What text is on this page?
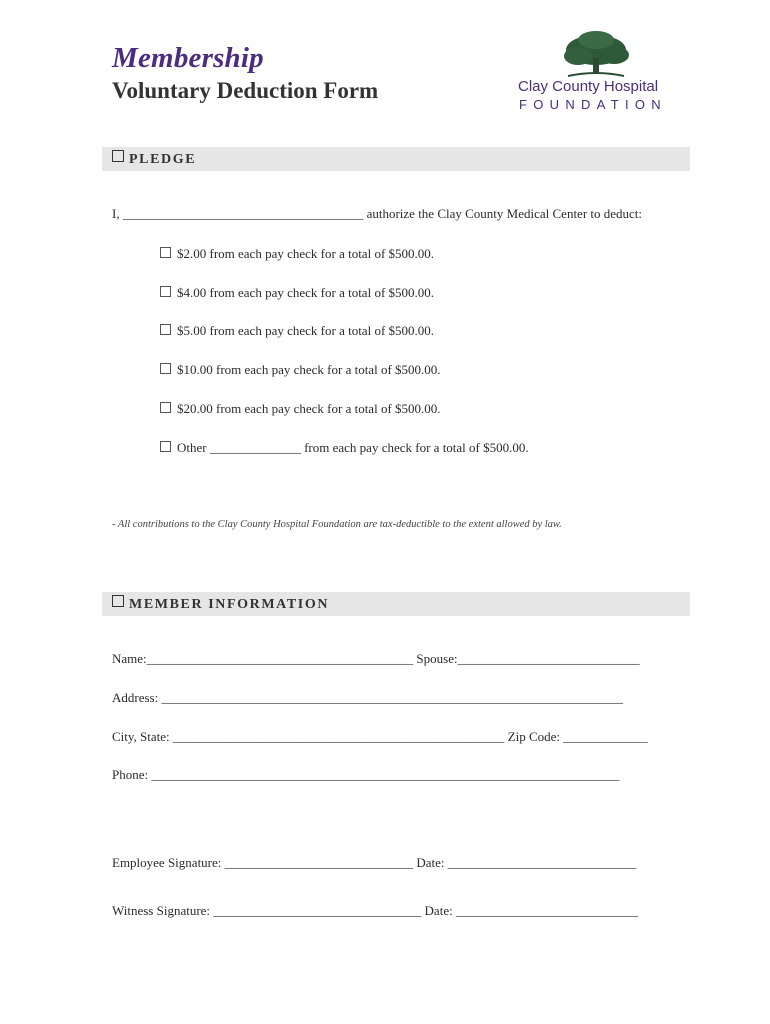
Membership
Voluntary Deduction Form	Clay County Hospital
FOUNDATION
PLEDGE
I, _____________________________________ authorize the Clay County Medical Center to deduct:
$2.00 from each pay check for a total of $500.00.
$4.00 from each pay check for a total of $500.00.
$5.00 from each pay check for a total of $500.00.
$10.00 from each pay check for a total of $500.00.
$20.00 from each pay check for a total of $500.00.
Other ______________ from each pay check for a total of $500.00.
- All contributions to the Clay County Hospital Foundation are tax-deductible to the extent allowed by law.
MEMBER INFORMATION
Name:_________________________________________ Spouse:____________________________
Address: _______________________________________________________________________
City, State: ___________________________________________________ Zip Code: _____________
Phone: ________________________________________________________________________
Employee Signature: _____________________________ Date: _____________________________
Witness Signature: ________________________________ Date: ____________________________
